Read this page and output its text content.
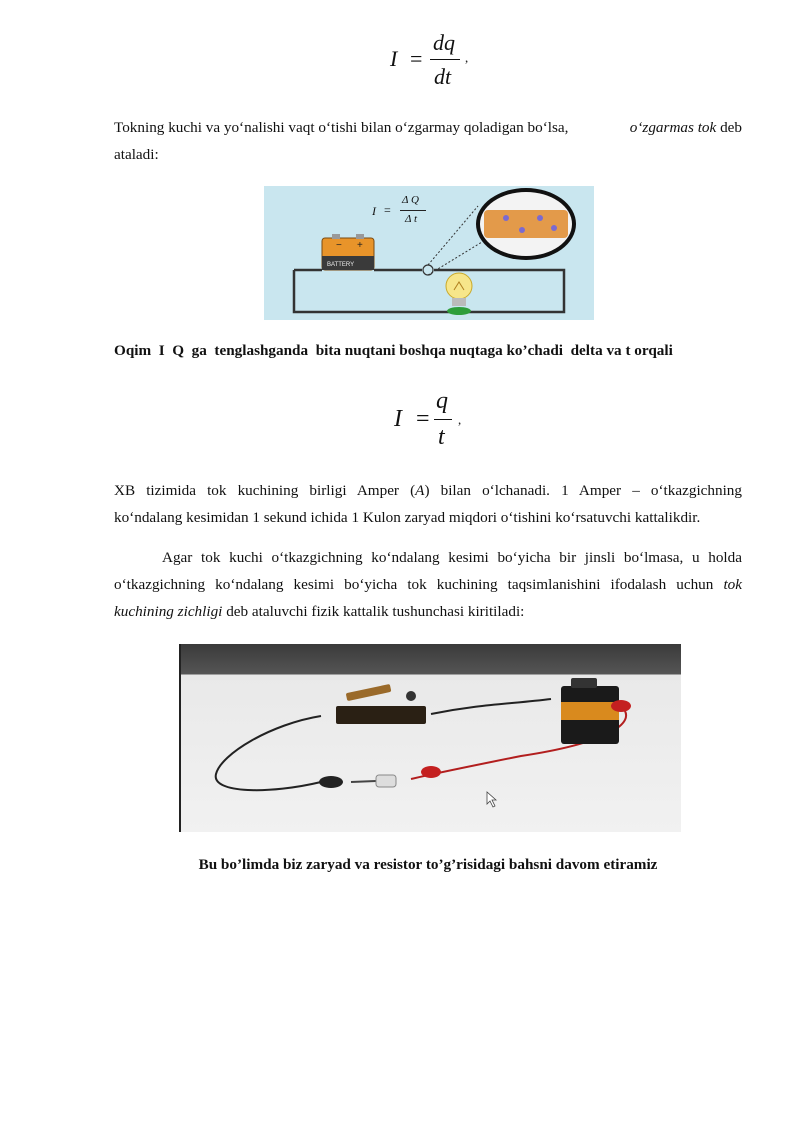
I =
dq
dt
,
Tokning kuchi va yo‘nalishi vaqt o‘tishi bilan o‘zgarmay qoladigan bo‘lsa,	o‘zgarmas tok deb
ataladi:
− +
BATTERY
I =
Δ Q
Δ t
Oqim  I  Q  ga  tenglashganda  bita nuqtani boshqa nuqtaga ko’chadi  delta va t orqali
I =
q
t
,
XB tizimida tok kuchining birligi Amper (A) bilan o‘lchanadi. 1 Amper – o‘tkazgichning
ko‘ndalang kesimidan 1 sekund ichida 1 Kulon zaryad miqdori o‘tishini ko‘rsatuvchi kattalikdir.
Agar tok kuchi o‘tkazgichning ko‘ndalang kesimi bo‘yicha bir jinsli bo‘lmasa, u holda
o‘tkazgichning ko‘ndalang kesimi bo‘yicha tok kuchining taqsimlanishini ifodalash uchun tok
kuchining zichligi deb ataluvchi fizik kattalik tushunchasi kiritiladi:
Bu bo’limda biz zaryad va resistor to’g’risidagi bahsni davom etiramiz
